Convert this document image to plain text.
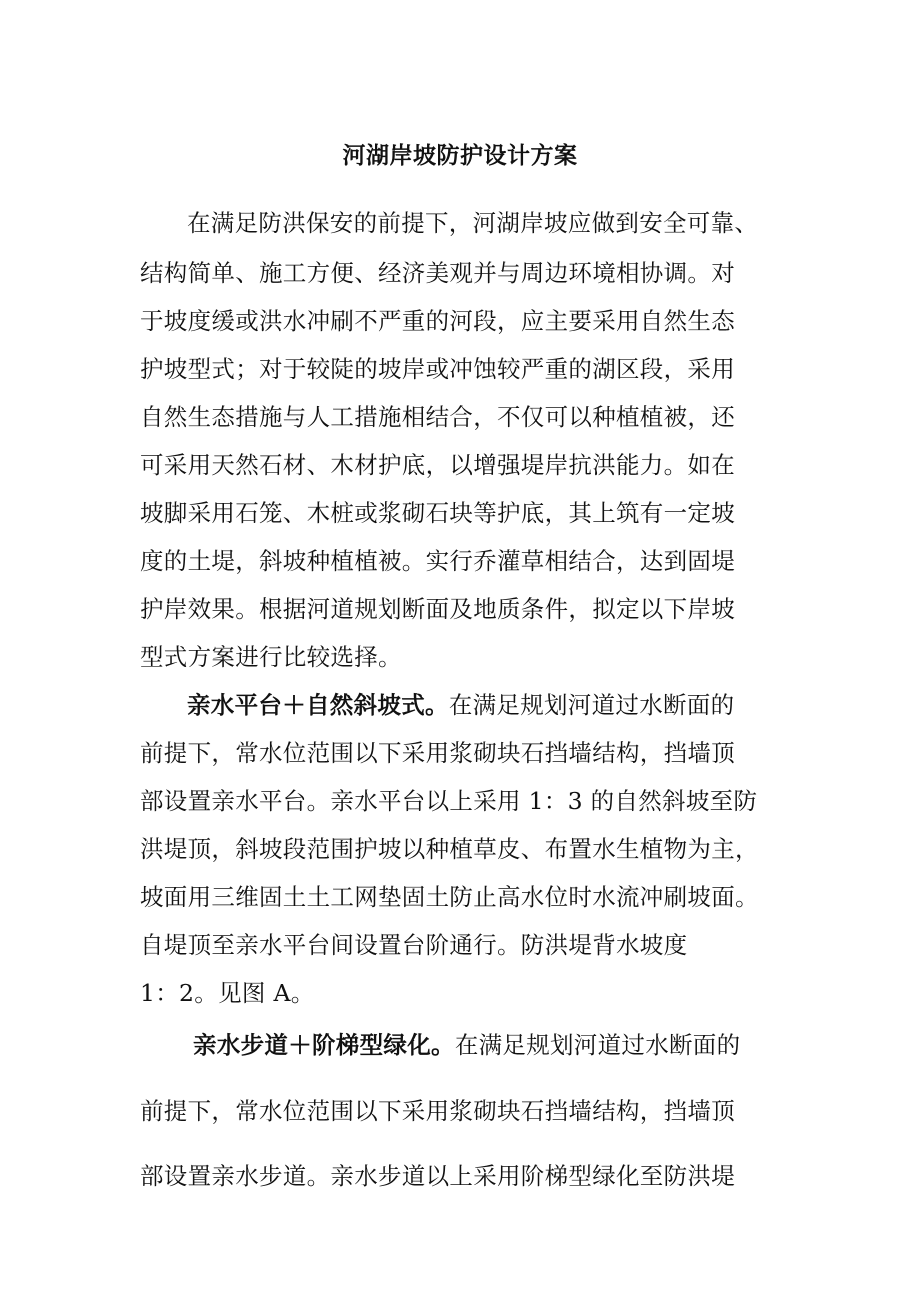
河湖岸坡防护设计方案
在满足防洪保安的前提下，河湖岸坡应做到安全可靠、
结构简单、施工方便、经济美观并与周边环境相协调。对
于坡度缓或洪水冲刷不严重的河段，应主要采用自然生态
护坡型式；对于较陡的坡岸或冲蚀较严重的湖区段，采用
自然生态措施与人工措施相结合，不仅可以种植植被，还
可采用天然石材、木材护底，以增强堤岸抗洪能力。如在
坡脚采用石笼、木桩或浆砌石块等护底，其上筑有一定坡
度的土堤，斜坡种植植被。实行乔灌草相结合，达到固堤
护岸效果。根据河道规划断面及地质条件，拟定以下岸坡
型式方案进行比较选择。
亲水平台＋自然斜坡式。在满足规划河道过水断面的
前提下，常水位范围以下采用浆砌块石挡墙结构，挡墙顶
部设置亲水平台。亲水平台以上采用 1：3 的自然斜坡至防
洪堤顶，斜坡段范围护坡以种植草皮、布置水生植物为主，
坡面用三维固土土工网垫固土防止高水位时水流冲刷坡面。
自堤顶至亲水平台间设置台阶通行。防洪堤背水坡度
1：2。见图 A。
亲水步道＋阶梯型绿化。在满足规划河道过水断面的
前提下，常水位范围以下采用浆砌块石挡墙结构，挡墙顶
部设置亲水步道。亲水步道以上采用阶梯型绿化至防洪堤
